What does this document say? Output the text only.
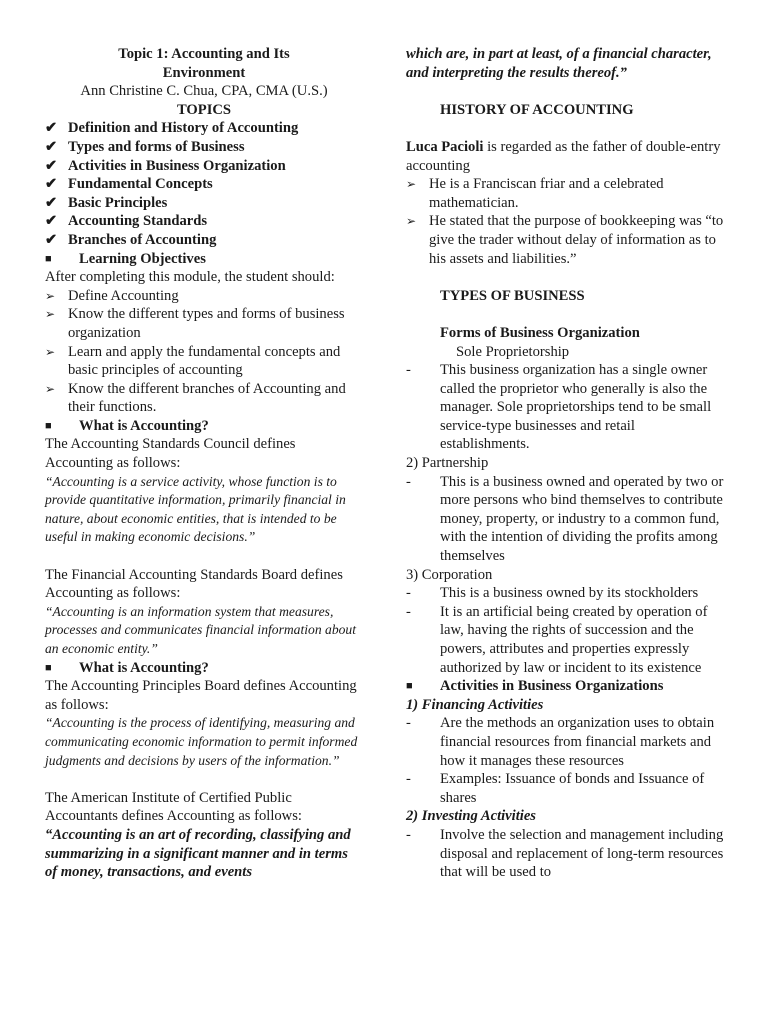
Topic 1: Accounting and Its

Environment

Ann Christine C. Chua, CPA, CMA (U.S.)

TOPICS

✔ Definition and History of Accounting
✔ Types and forms of Business
✔ Activities in Business Organization
✔ Fundamental Concepts
✔ Basic Principles
✔ Accounting Standards
✔ Branches of Accounting
■	Learning Objectives

After completing this module, the student should:

➢ Define Accounting
➢ Know the different types and forms of business organization
➢ Learn and apply the fundamental concepts and basic principles of accounting
➢ Know the different branches of Accounting and their functions.
■	What is Accounting?

The Accounting Standards Council defines Accounting as follows:

“Accounting is a service activity, whose function is to provide quantitative information, primarily financial in nature, about economic entities, that is intended to be useful in making economic decisions.”

The Financial Accounting Standards Board defines Accounting as follows:

“Accounting is an information system that measures, processes and communicates financial information about an economic entity.”

■	What is Accounting?

The Accounting Principles Board defines Accounting as follows:

“Accounting is the process of identifying, measuring and communicating economic information to permit informed judgments and decisions by users of the information.”

The American Institute of Certified Public Accountants defines Accounting as follows:

“Accounting is an art of recording, classifying and summarizing in a significant manner and in terms of money, transactions, and events

which are, in part at least, of a financial character, and interpreting the results thereof.”

HISTORY OF ACCOUNTING

Luca Pacioli is regarded as the father of double-entry accounting

➢ He is a Franciscan friar and a celebrated mathematician.
➢ He stated that the purpose of bookkeeping was “to give the trader without delay of information as to his assets and liabilities.”

TYPES OF BUSINESS

Forms of Business Organization

Sole Proprietorship

-	This business organization has a single owner called the proprietor who generally is also the manager. Sole proprietorships tend to be small service-type businesses and retail establishments.

2) Partnership

-	This is a business owned and operated by two or more persons who bind themselves to contribute money, property, or industry to a common fund, with the intention of dividing the profits among themselves

3) Corporation

-	This is a business owned by its stockholders
-	It is an artificial being created by operation of law, having the rights of succession and the powers, attributes and properties expressly authorized by law or incident to its existence
■	Activities in Business Organizations

1) Financing Activities

-	Are the methods an organization uses to obtain financial resources from financial markets and how it manages these resources
-	Examples: Issuance of bonds and Issuance of shares

2) Investing Activities

-	Involve the selection and management including disposal and replacement of long-term resources that will be used to
